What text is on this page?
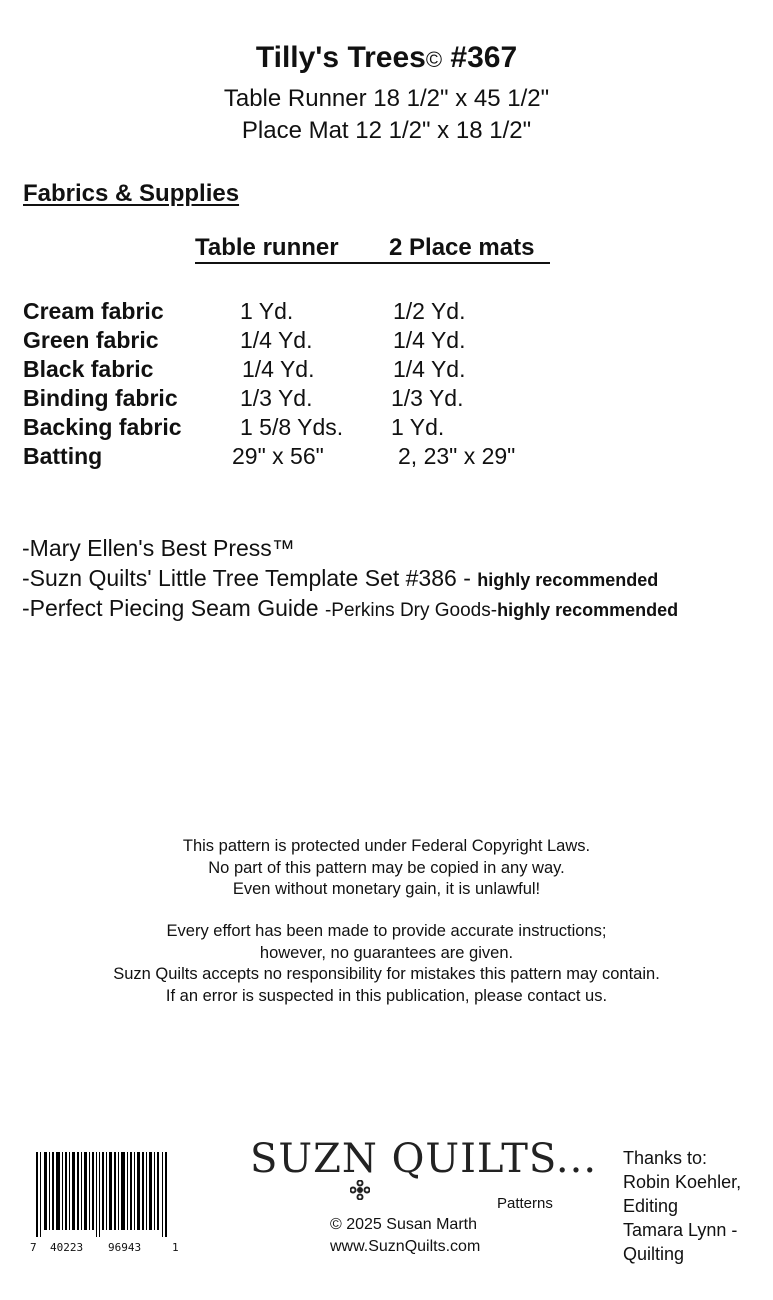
Tilly's Trees© #367
Table Runner 18 1/2" x 45 1/2"
Place Mat 12 1/2" x 18 1/2"
Fabrics & Supplies
Table runner 2 Place mats
Cream fabric	1 Yd.	1/2 Yd.
Green fabric	1/4 Yd.	1/4 Yd.
Black fabric	1/4 Yd.	1/4 Yd.
Binding fabric	1/3 Yd.	1/3 Yd.
Backing fabric	1 5/8 Yds. 1 Yd.
Batting	29" x 56"	2, 23" x 29"
-Mary Ellen's Best Press™
-Suzn Quilts' Little Tree Template Set #386 - highly recommended
-Perfect Piecing Seam Guide -Perkins Dry Goods-highly recommended
This pattern is protected under Federal Copyright Laws.
No part of this pattern may be copied in any way.
Even without monetary gain, it is unlawful!
Every effort has been made to provide accurate instructions;
however, no guarantees are given.
Suzn Quilts accepts no responsibility for mistakes this pattern may contain.
If an error is suspected in this publication, please contact us.
7 40223 96943	1
SUZN QUILTS...
Patterns
© 2025 Susan Marth
www.SuznQuilts.com
Thanks to:
Robin Koehler,
Editing
Tamara Lynn -
Quilting
